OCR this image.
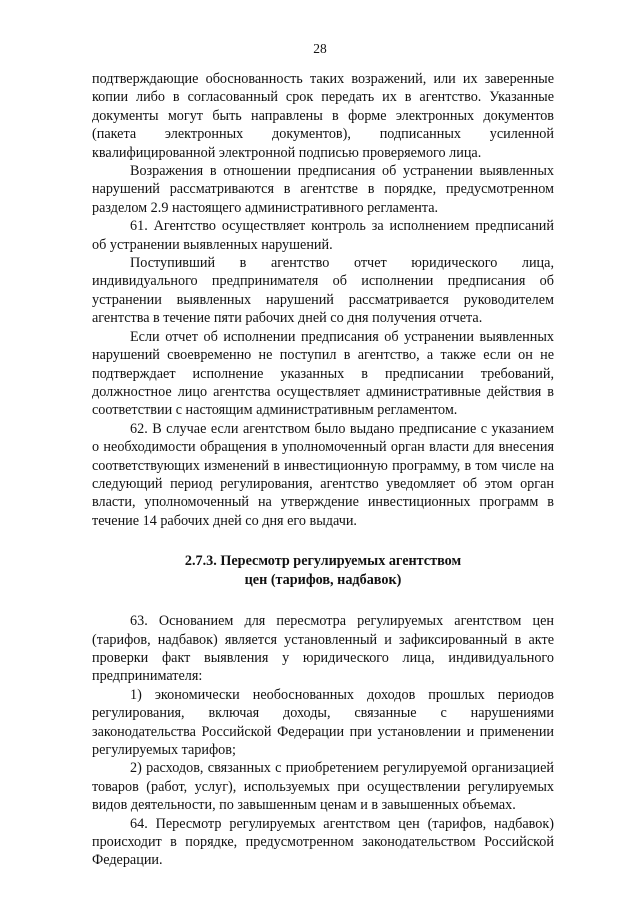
28

подтверждающие обоснованность таких возражений, или их заверенные копии либо в согласованный срок передать их в агентство. Указанные документы могут быть направлены в форме электронных документов (пакета электронных документов), подписанных усиленной квалифицированной электронной подписью проверяемого лица.

Возражения в отношении предписания об устранении выявленных нарушений рассматриваются в агентстве в порядке, предусмотренном разделом 2.9 настоящего административного регламента.

61. Агентство осуществляет контроль за исполнением предписаний об устранении выявленных нарушений.

Поступивший в агентство отчет юридического лица, индивидуального предпринимателя об исполнении предписания об устранении выявленных нарушений рассматривается руководителем агентства в течение пяти рабочих дней со дня получения отчета.

Если отчет об исполнении предписания об устранении выявленных нарушений своевременно не поступил в агентство, а также если он не подтверждает исполнение указанных в предписании требований, должностное лицо агентства осуществляет административные действия в соответствии с настоящим административным регламентом.

62. В случае если агентством было выдано предписание с указанием о необходимости обращения в уполномоченный орган власти для внесения соответствующих изменений в инвестиционную программу, в том числе на следующий период регулирования, агентство уведомляет об этом орган власти, уполномоченный на утверждение инвестиционных программ в течение 14 рабочих дней со дня его выдачи.

2.7.3. Пересмотр регулируемых агентством
цен (тарифов, надбавок)

63. Основанием для пересмотра регулируемых агентством цен (тарифов, надбавок) является установленный и зафиксированный в акте проверки факт выявления у юридического лица, индивидуального предпринимателя:

1) экономически необоснованных доходов прошлых периодов регулирования, включая доходы, связанные с нарушениями законодательства Российской Федерации при установлении и применении регулируемых тарифов;

2) расходов, связанных с приобретением регулируемой организацией товаров (работ, услуг), используемых при осуществлении регулируемых видов деятельности, по завышенным ценам и в завышенных объемах.

64. Пересмотр регулируемых агентством цен (тарифов, надбавок) происходит в порядке, предусмотренном законодательством Российской Федерации.
